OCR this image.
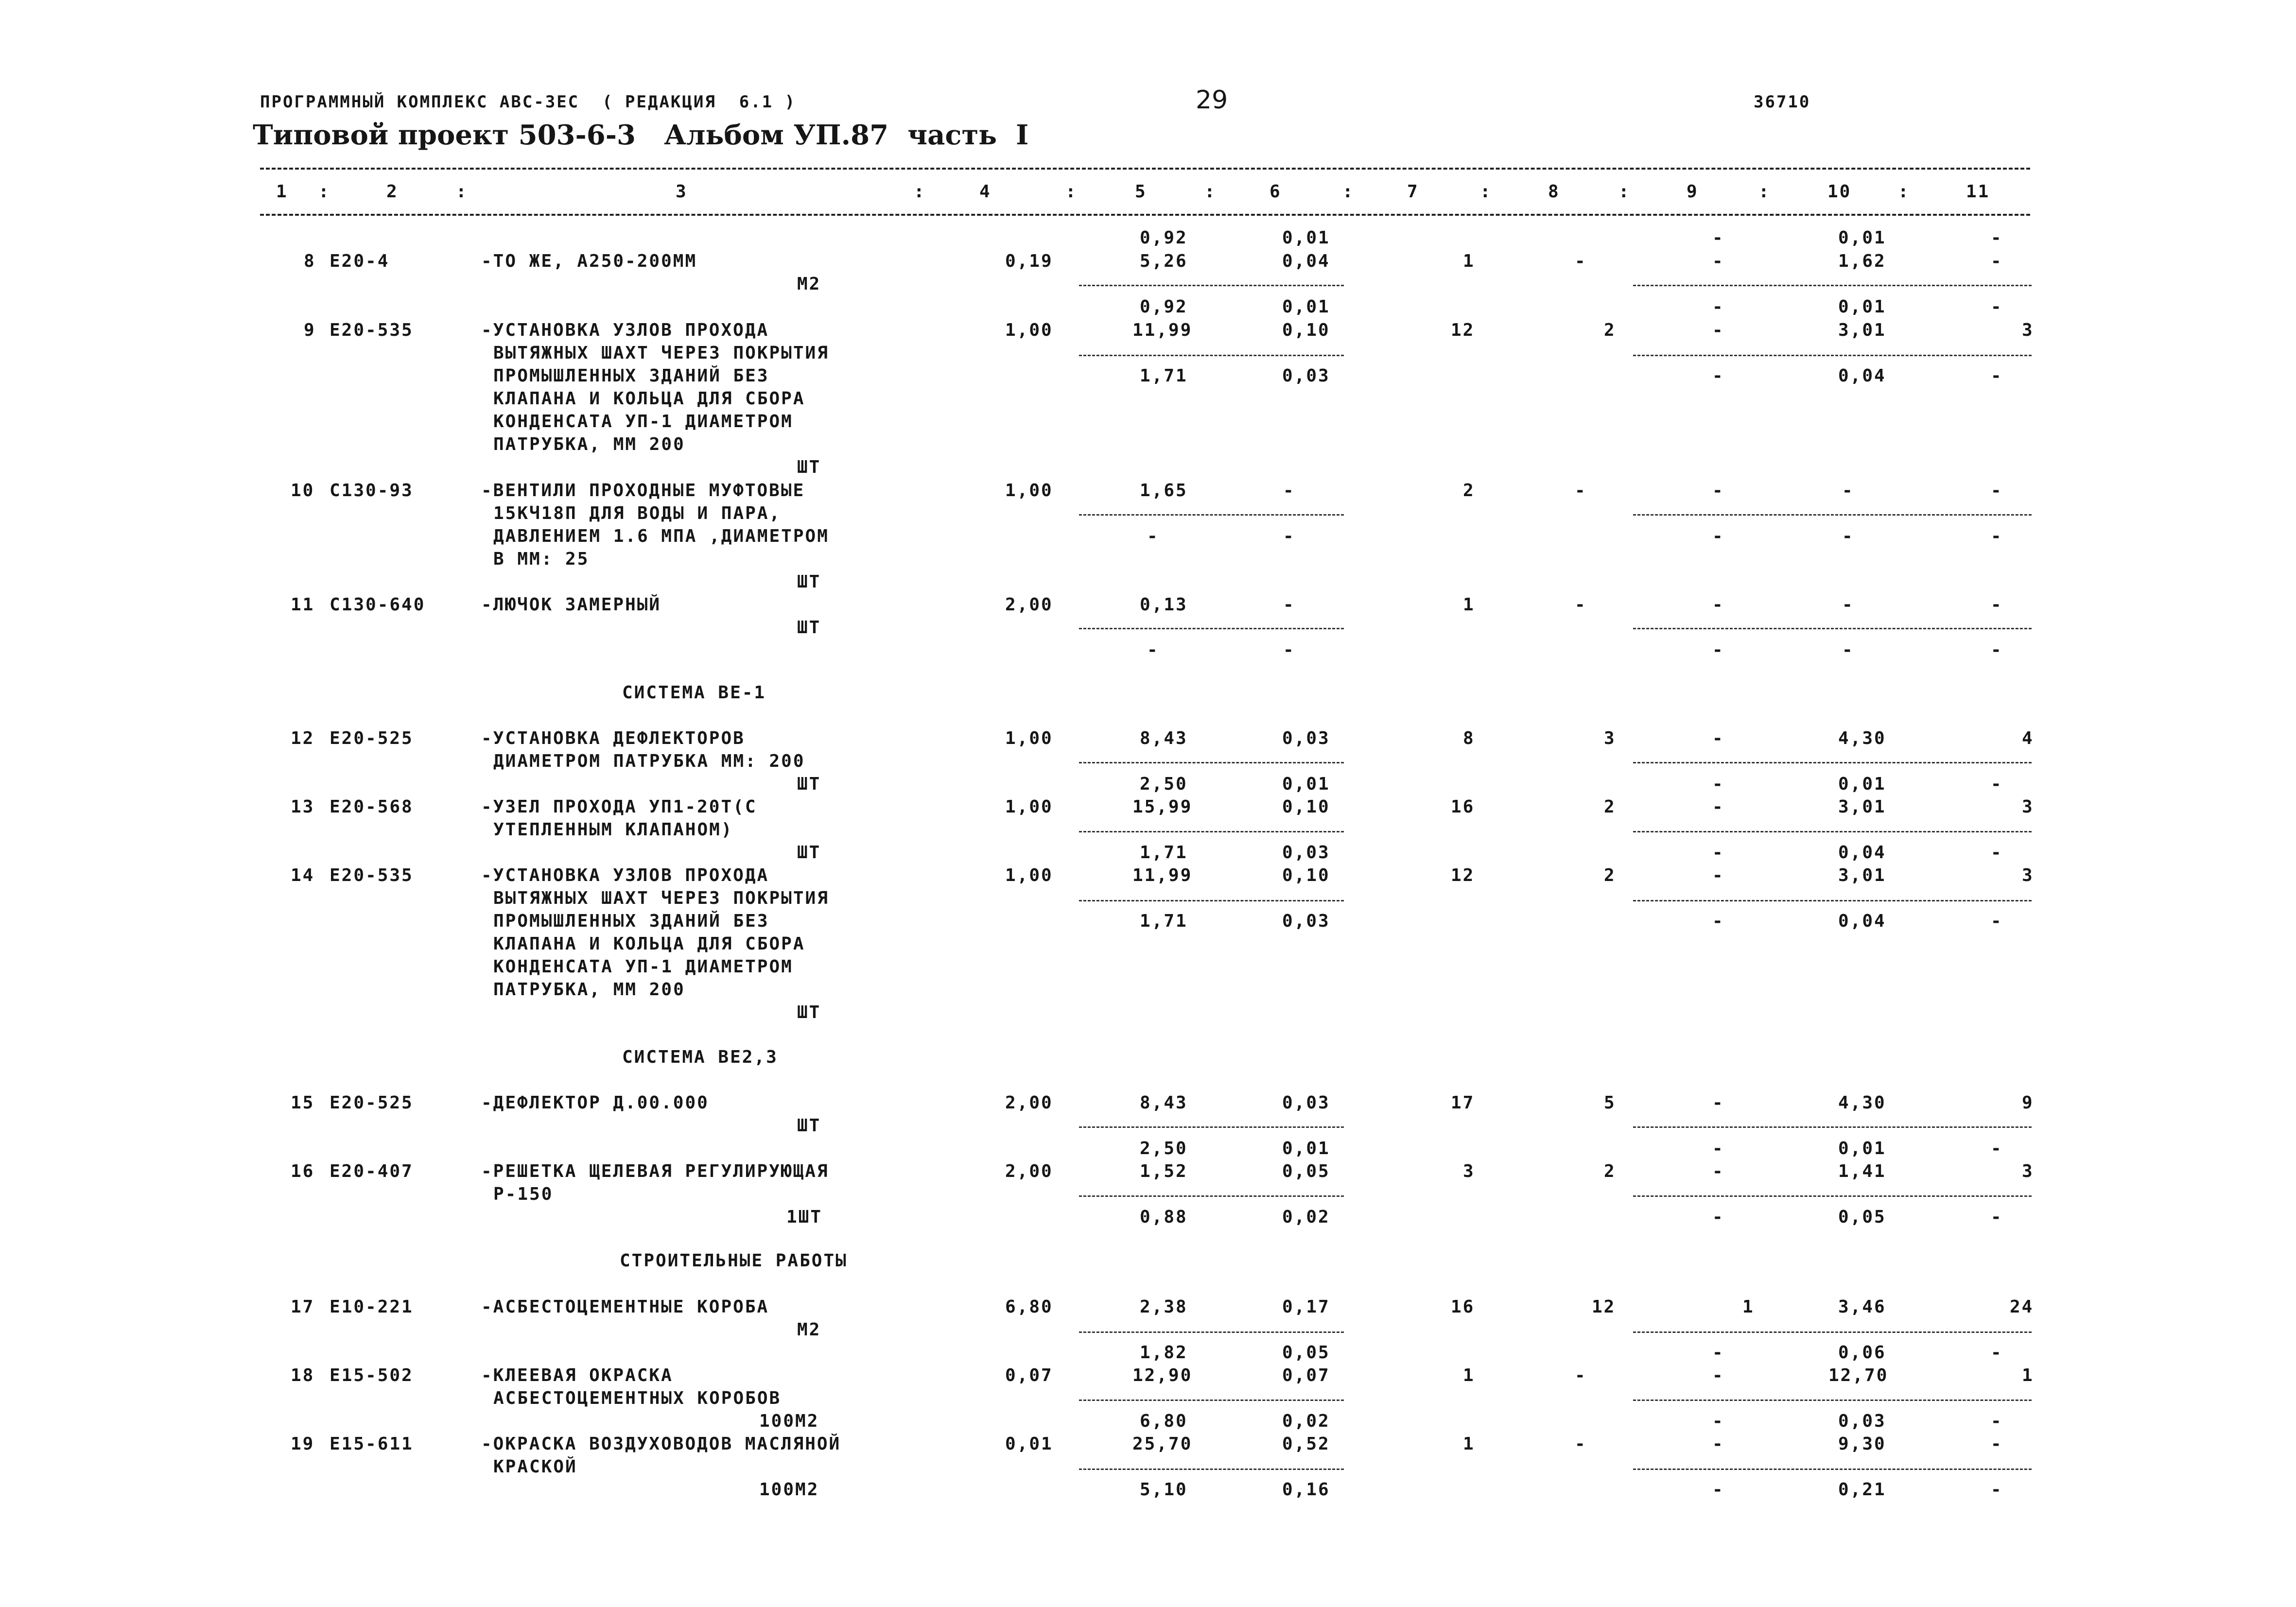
ПРОГРАММНЫЙ КОМПЛЕКС АВС-3ЕС  ( РЕДАКЦИЯ  6.1 )	29	36710
Типовой проект 503-6-3   Альбом УП.87  часть  I
1 :	2	:	3	:	4	:	5	:	6	:	7	:	8	:	9	:	10	:	11
0,92	0,01	-	0,01	-
8 Е20-4	-ТО ЖЕ, А250-200ММ	0,19	5,26	0,04	1	-	-	1,62	-
М2
0,92	0,01	-	0,01	-
9 Е20-535	-УСТАНОВКА УЗЛОВ ПРОХОДА
ВЫТЯЖНЫХ ШАХТ ЧЕРЕЗ ПОКРЫТИЯ
ПРОМЫШЛЕННЫХ ЗДАНИЙ БЕЗ
КЛАПАНА И КОЛЬЦА ДЛЯ СБОРА
КОНДЕНСАТА УП-1 ДИАМЕТРОМ
ПАТРУБКА, ММ 200
ШТ
1,00	11,99	0,10	12	2	-	3,01	3
1,71	0,03	-	0,04	-
10 С130-93	-ВЕНТИЛИ ПРОХОДНЫЕ МУФТОВЫЕ
15КЧ18П ДЛЯ ВОДЫ И ПАРА,
ДАВЛЕНИЕМ 1.6 МПА ,ДИАМЕТРОМ
В ММ: 25
ШТ
1,00	1,65	-	2	-	-	-	-
-	-	-	-	-
11 С130-640	-ЛЮЧОК ЗАМЕРНЫЙ
ШТ
2,00	0,13	-	1	-	-	-	-
-	-	-	-	-
СИСТЕМА ВЕ-1
12 Е20-525	-УСТАНОВКА ДЕФЛЕКТОРОВ
ДИАМЕТРОМ ПАТРУБКА ММ: 200
ШТ
1,00	8,43	0,03	8	3	-	4,30	4
2,50	0,01	-	0,01	-
13 Е20-568	-УЗЕЛ ПРОХОДА УП1-20Т(С
УТЕПЛЕННЫМ КЛАПАНОМ)
ШТ
1,00	15,99	0,10	16	2	-	3,01	3
1,71	0,03	-	0,04	-
14 Е20-535	-УСТАНОВКА УЗЛОВ ПРОХОДА
ВЫТЯЖНЫХ ШАХТ ЧЕРЕЗ ПОКРЫТИЯ
ПРОМЫШЛЕННЫХ ЗДАНИЙ БЕЗ
КЛАПАНА И КОЛЬЦА ДЛЯ СБОРА
КОНДЕНСАТА УП-1 ДИАМЕТРОМ
ПАТРУБКА, ММ 200
ШТ
1,00	11,99	0,10	12	2	-	3,01	3
1,71	0,03	-	0,04	-
СИСТЕМА ВЕ2,3
15 Е20-525	-ДЕФЛЕКТОР Д.00.000
ШТ
2,00	8,43	0,03	17	5	-	4,30	9
2,50	0,01	-	0,01	-
16 Е20-407	-РЕШЕТКА ЩЕЛЕВАЯ РЕГУЛИРУЮЩАЯ
Р-150
1ШТ
2,00	1,52	0,05	3	2	-	1,41	3
0,88	0,02	-	0,05	-
СТРОИТЕЛЬНЫЕ РАБОТЫ
17 Е10-221	-АСБЕСТОЦЕМЕНТНЫЕ КОРОБА
М2
6,80	2,38	0,17	16	12	1	3,46	24
1,82	0,05	-	0,06	-
18 Е15-502	-КЛЕЕВАЯ ОКРАСКА
АСБЕСТОЦЕМЕНТНЫХ КОРОБОВ
100М2
0,07	12,90	0,07	1	-	-	12,70	1
6,80	0,02	-	0,03	-
19 Е15-611	-ОКРАСКА ВОЗДУХОВОДОВ МАСЛЯНОЙ
КРАСКОЙ
100М2
0,01	25,70	0,52	1	-	-	9,30	-
5,10	0,16	-	0,21	-
